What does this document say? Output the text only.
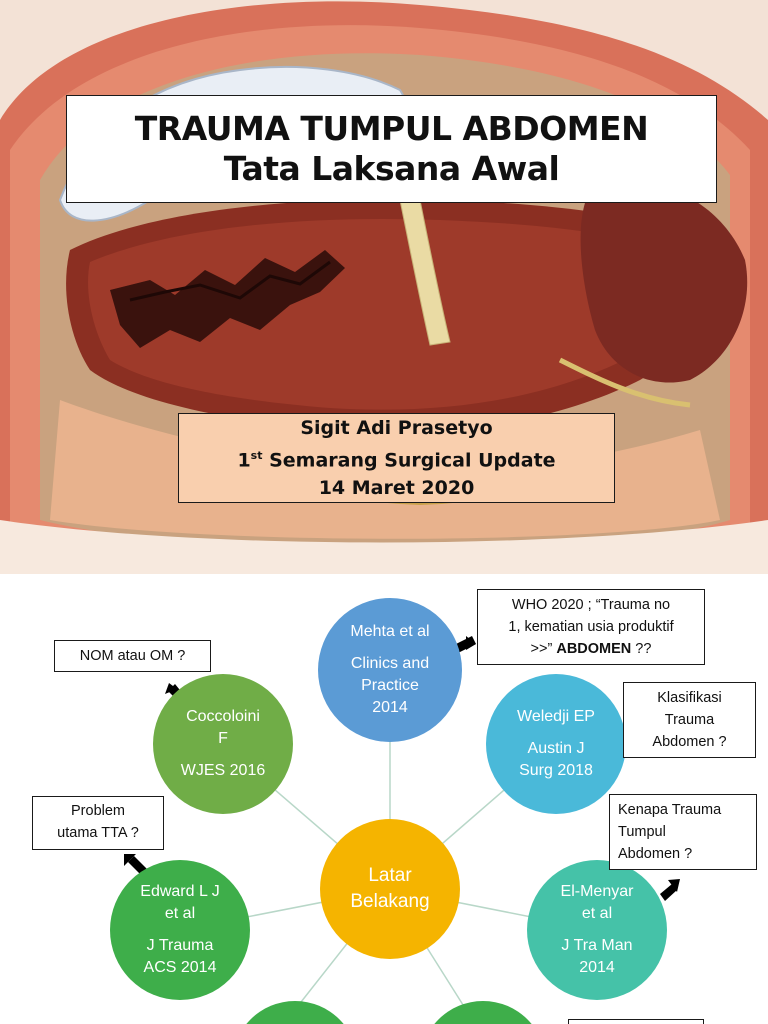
TRAUMA TUMPUL ABDOMEN
Tata Laksana Awal
Sigit Adi Prasetyo
1st Semarang Surgical Update
14 Maret 2020
Latar
Belakang
Mehta et al
Clinics and
Practice
2014
Weledji EP
Austin J
Surg 2018
El-Menyar
et al
J Tra Man
2014
Coccoloini
F
WJES 2016
Edward L J
et al
J Trauma
ACS 2014
WHO 2020 ; “Trauma no
1, kematian usia produktif
>>” ABDOMEN ??
NOM atau OM ?
Klasifikasi
Trauma
Abdomen ?
Problem
utama TTA ?
Kenapa Trauma
Tumpul
Abdomen ?
